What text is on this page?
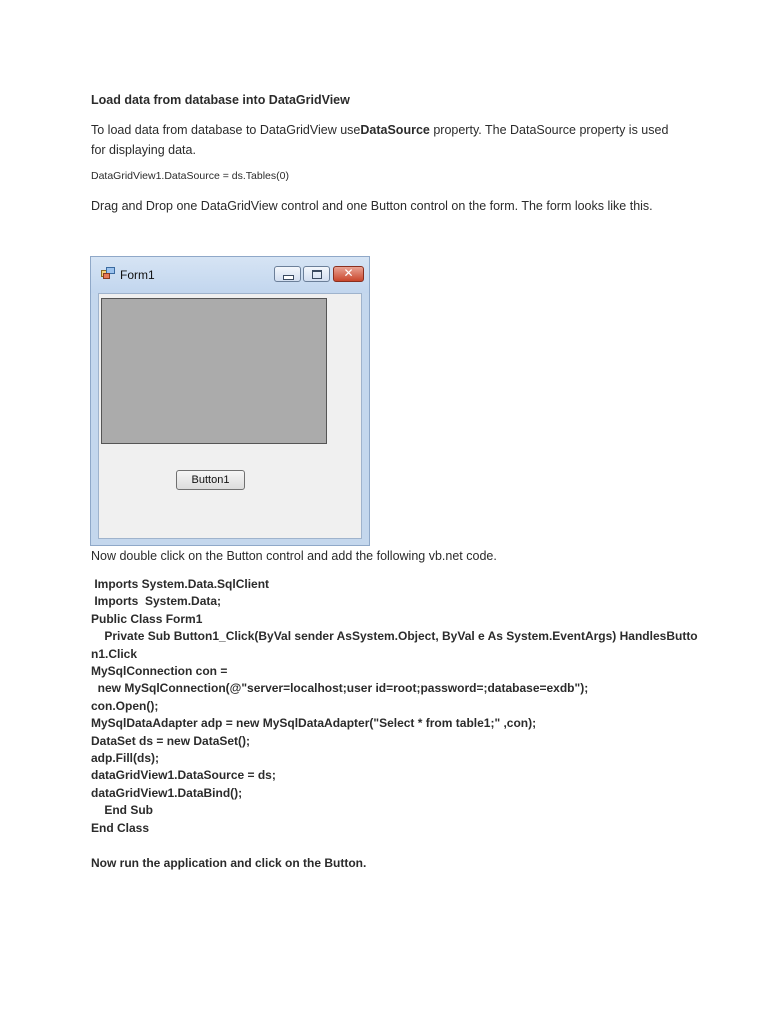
Load data from database into DataGridView
To load data from database to DataGridView useDataSource property. The DataSource property is used
for displaying data.
DataGridView1.DataSource = ds.Tables(0)
Drag and Drop one DataGridView control and one Button control on the form. The form looks like this.
Form1
✕
Button1
Now double click on the Button control and add the following vb.net code.
Imports System.Data.SqlClient
Imports  System.Data;
Public Class Form1
Private Sub Button1_Click(ByVal sender AsSystem.Object, ByVal e As System.EventArgs) HandlesButto
n1.Click
MySqlConnection con =
new MySqlConnection(@"server=localhost;user id=root;password=;database=exdb");
con.Open();
MySqlDataAdapter adp = new MySqlDataAdapter("Select * from table1;" ,con);
DataSet ds = new DataSet();
adp.Fill(ds);
dataGridView1.DataSource = ds;
dataGridView1.DataBind();
End Sub
End Class
Now run the application and click on the Button.
